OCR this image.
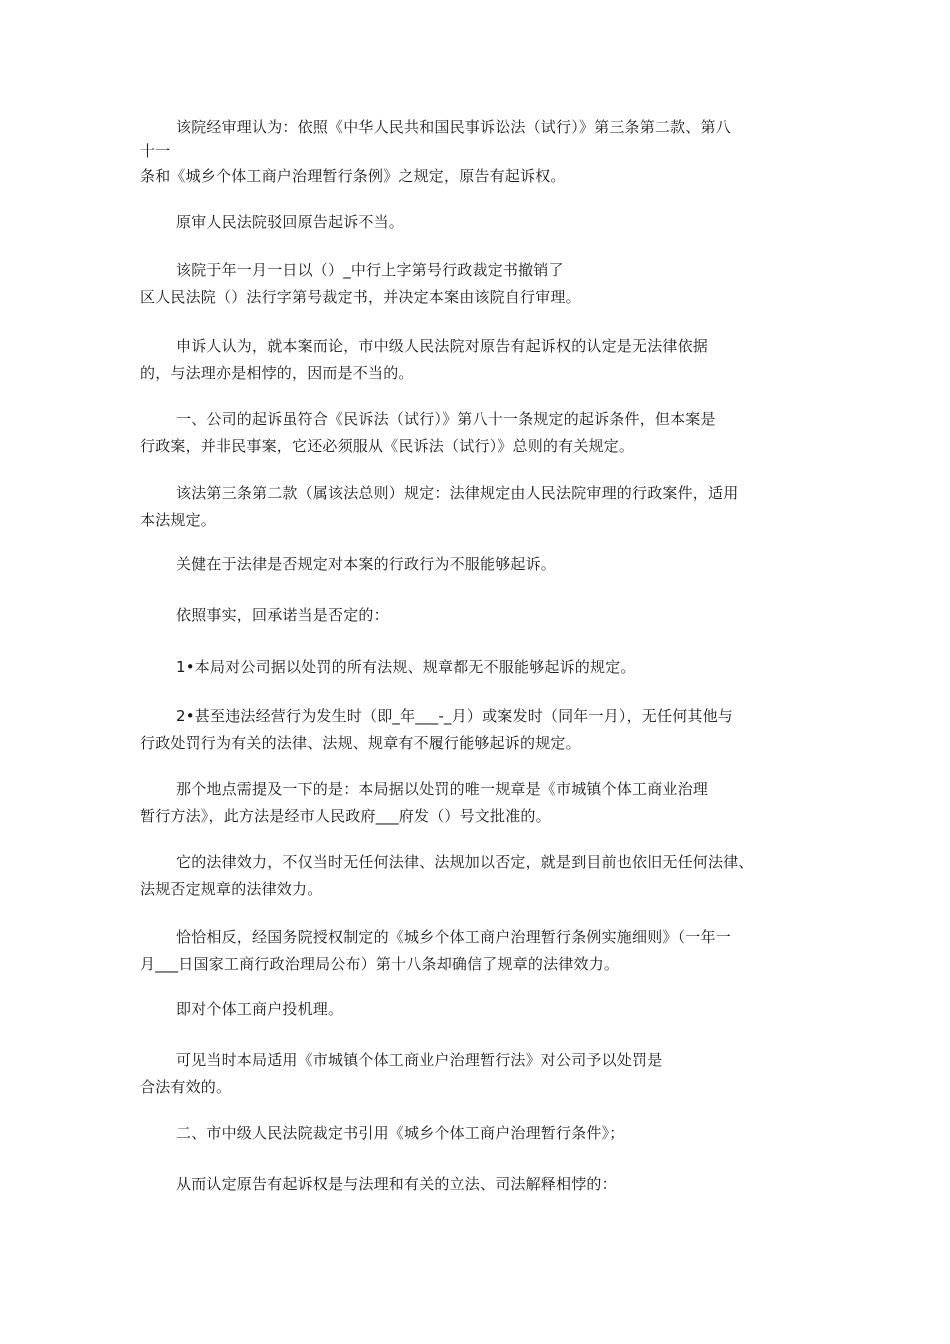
该院经审理认为：依照《中华人民共和国民事诉讼法（试行）》第三条第二款、第八
十一
条和《城乡个体工商户治理暂行条例》之规定，原告有起诉权。

原审人民法院驳回原告起诉不当。

该院于年一月一日以（）_中行上字第号行政裁定书撤销了
区人民法院（）法行字第号裁定书，并决定本案由该院自行审理。

申诉人认为，就本案而论，市中级人民法院对原告有起诉权的认定是无法律依据
的，与法理亦是相悖的，因而是不当的。

一、公司的起诉虽符合《民诉法（试行）》第八十一条规定的起诉条件，但本案是
行政案，并非民事案，它还必须服从《民诉法（试行）》总则的有关规定。

该法第三条第二款（属该法总则）规定：法律规定由人民法院审理的行政案件，适用
本法规定。

关健在于法律是否规定对本案的行政行为不服能够起诉。

依照事实，回承诺当是否定的：

1•本局对公司据以处罚的所有法规、规章都无不服能够起诉的规定。

2•甚至违法经营行为发生时（即_年___-_月）或案发时（同年一月），无任何其他与
行政处罚行为有关的法律、法规、规章有不履行能够起诉的规定。

那个地点需提及一下的是：本局据以处罚的唯一规章是《市城镇个体工商业治理
暂行方法》，此方法是经市人民政府___府发（）号文批准的。

它的法律效力，不仅当时无任何法律、法规加以否定，就是到目前也依旧无任何法律、
法规否定规章的法律效力。

恰恰相反，经国务院授权制定的《城乡个体工商户治理暂行条例实施细则》（一年一
月___日国家工商行政治理局公布）第十八条却确信了规章的法律效力。

即对个体工商户投机理。

可见当时本局适用《市城镇个体工商业户治理暂行法》对公司予以处罚是
合法有效的。

二、市中级人民法院裁定书引用《城乡个体工商户治理暂行条件》；

从而认定原告有起诉权是与法理和有关的立法、司法解释相悖的：
